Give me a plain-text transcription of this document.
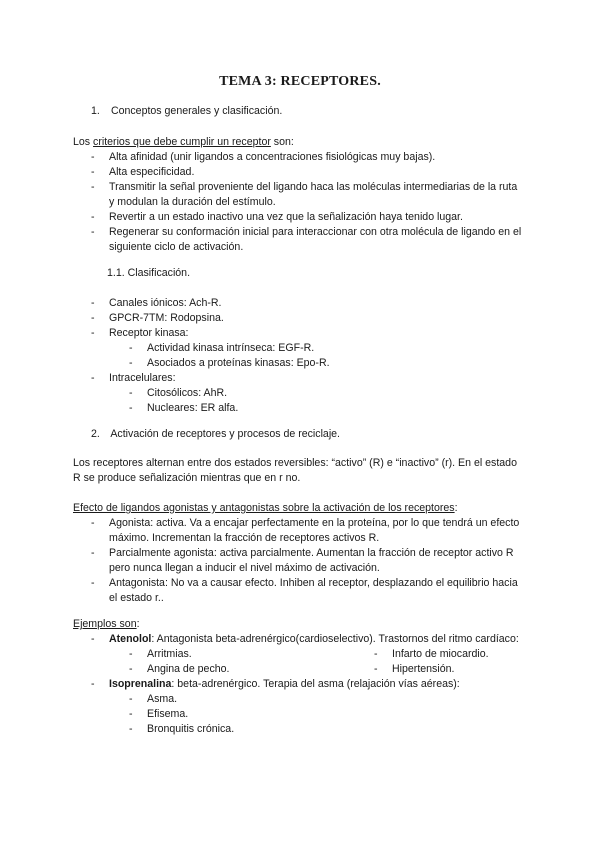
TEMA 3: RECEPTORES.
1. Conceptos generales y clasificación.
Los criterios que debe cumplir un receptor son:
- Alta afinidad (unir ligandos a concentraciones fisiológicas muy bajas).
- Alta especificidad.
- Transmitir la señal proveniente del ligando haca las moléculas intermediarias de la ruta y modulan la duración del estímulo.
- Revertir a un estado inactivo una vez que la señalización haya tenido lugar.
- Regenerar su conformación inicial para interaccionar con otra molécula de ligando en el siguiente ciclo de activación.
1.1. Clasificación.
- Canales iónicos: Ach-R.
- GPCR-7TM: Rodopsina.
- Receptor kinasa:
- Actividad kinasa intrínseca: EGF-R.
- Asociados a proteínas kinasas: Epo-R.
- Intracelulares:
- Citosólicos: AhR.
- Nucleares: ER alfa.
2. Activación de receptores y procesos de reciclaje.
Los receptores alternan entre dos estados reversibles: “activo” (R) e “inactivo” (r). En el estado R se produce señalización mientras que en r no.
Efecto de ligandos agonistas y antagonistas sobre la activación de los receptores:
- Agonista: activa. Va a encajar perfectamente en la proteína, por lo que tendrá un efecto máximo. Incrementan la fracción de receptores activos R.
- Parcialmente agonista: activa parcialmente. Aumentan la fracción de receptor activo R pero nunca llegan a inducir el nivel máximo de activación.
- Antagonista: No va a causar efecto. Inhiben al receptor, desplazando el equilibrio hacia el estado r..
Ejemplos son:
- Atenolol: Antagonista beta-adrenérgico(cardioselectivo). Trastornos del ritmo cardíaco:
- Arritmias.
- Angina de pecho.
- Infarto de miocardio.
- Hipertensión.
- Isoprenalina: beta-adrenérgico. Terapia del asma (relajación vías aéreas):
- Asma.
- Efisema.
- Bronquitis crónica.
